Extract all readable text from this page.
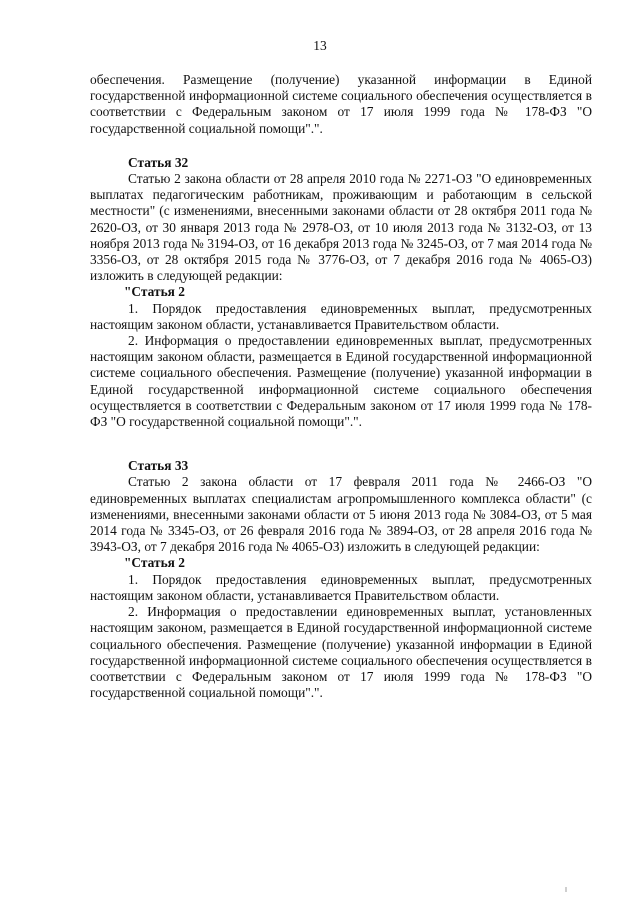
13

обеспечения. Размещение (получение) указанной информации в Единой государственной информационной системе социального обеспечения осуществляется в соответствии с Федеральным законом от 17 июля 1999 года № 178-ФЗ "О государственной социальной помощи".".

Статья 32

Статью 2 закона области от 28 апреля 2010 года № 2271-ОЗ "О единовременных выплатах педагогическим работникам, проживающим и работающим в сельской местности" (с изменениями, внесенными законами области от 28 октября 2011 года № 2620-ОЗ, от 30 января 2013 года № 2978-ОЗ, от 10 июля 2013 года № 3132-ОЗ, от 13 ноября 2013 года № 3194-ОЗ, от 16 декабря 2013 года № 3245-ОЗ, от 7 мая 2014 года № 3356-ОЗ, от 28 октября 2015 года № 3776-ОЗ, от 7 декабря 2016 года № 4065-ОЗ) изложить в следующей редакции:

"Статья 2

1. Порядок предоставления единовременных выплат, предусмотренных настоящим законом области, устанавливается Правительством области.

2. Информация о предоставлении единовременных выплат, предусмотренных настоящим законом области, размещается в Единой государственной информационной системе социального обеспечения. Размещение (получение) указанной информации в Единой государственной информационной системе социального обеспечения осуществляется в соответствии с Федеральным законом от 17 июля 1999 года № 178-ФЗ "О государственной социальной помощи".".

Статья 33

Статью 2 закона области от 17 февраля 2011 года № 2466-ОЗ "О единовременных выплатах специалистам агропромышленного комплекса области" (с изменениями, внесенными законами области от 5 июня 2013 года № 3084-ОЗ, от 5 мая 2014 года № 3345-ОЗ, от 26 февраля 2016 года № 3894-ОЗ, от 28 апреля 2016 года № 3943-ОЗ, от 7 декабря 2016 года № 4065-ОЗ) изложить в следующей редакции:

"Статья 2

1. Порядок предоставления единовременных выплат, предусмотренных настоящим законом области, устанавливается Правительством области.

2. Информация о предоставлении единовременных выплат, установленных настоящим законом, размещается в Единой государственной информационной системе социального обеспечения. Размещение (получение) указанной информации в Единой государственной информационной системе социального обеспечения осуществляется в соответствии с Федеральным законом от 17 июля 1999 года № 178-ФЗ "О государственной социальной помощи".".
